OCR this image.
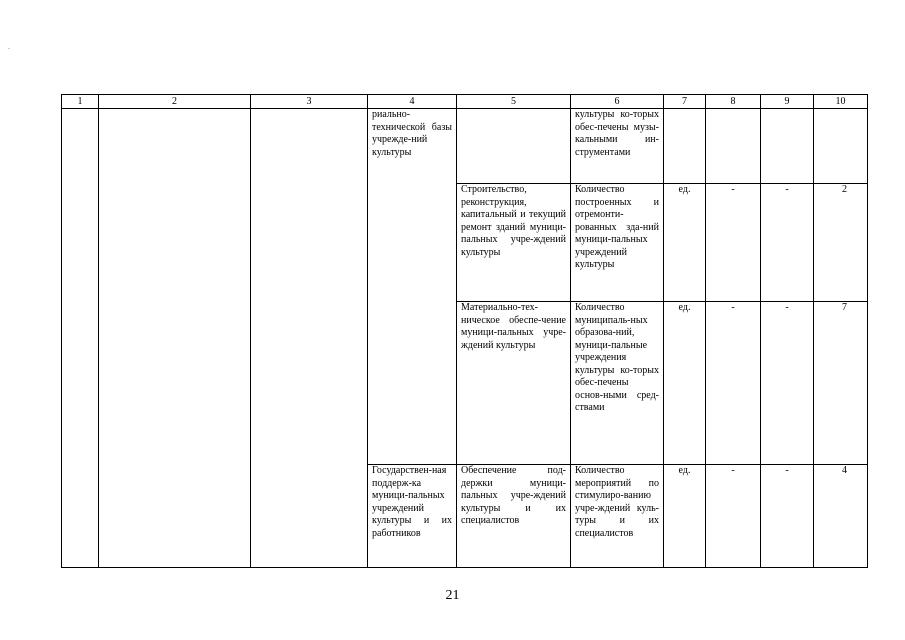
1	2	3	4	5	6	7	8	9	10
			риально-технической базы учрежде-ний культуры		культуры ко-торых обес-печены музы-кальными ин-струментами				
				Строительство, реконструкция, капитальный и текущий ремонт зданий муници-пальных учре-ждений культуры	Количество построенных и отремонти-рованных зда-ний муници-пальных учреждений культуры	ед.	-	-	2
				Материально-тех-ническое обеспе-чение муници-пальных учре-ждений культуры	Количество муниципаль-ных образова-ний, муници-пальные учреждения культуры ко-торых обес-печены основ-ными сред-ствами	ед.	-	-	7
			Государствен-ная поддерж-ка муници-пальных учреждений культуры и их работников	Обеспечение под-держки муници-пальных учре-ждений культуры и их специалистов	Количество мероприятий по стимулиро-ванию учре-ждений куль-туры и их специалистов	ед.	-	-	4
21
